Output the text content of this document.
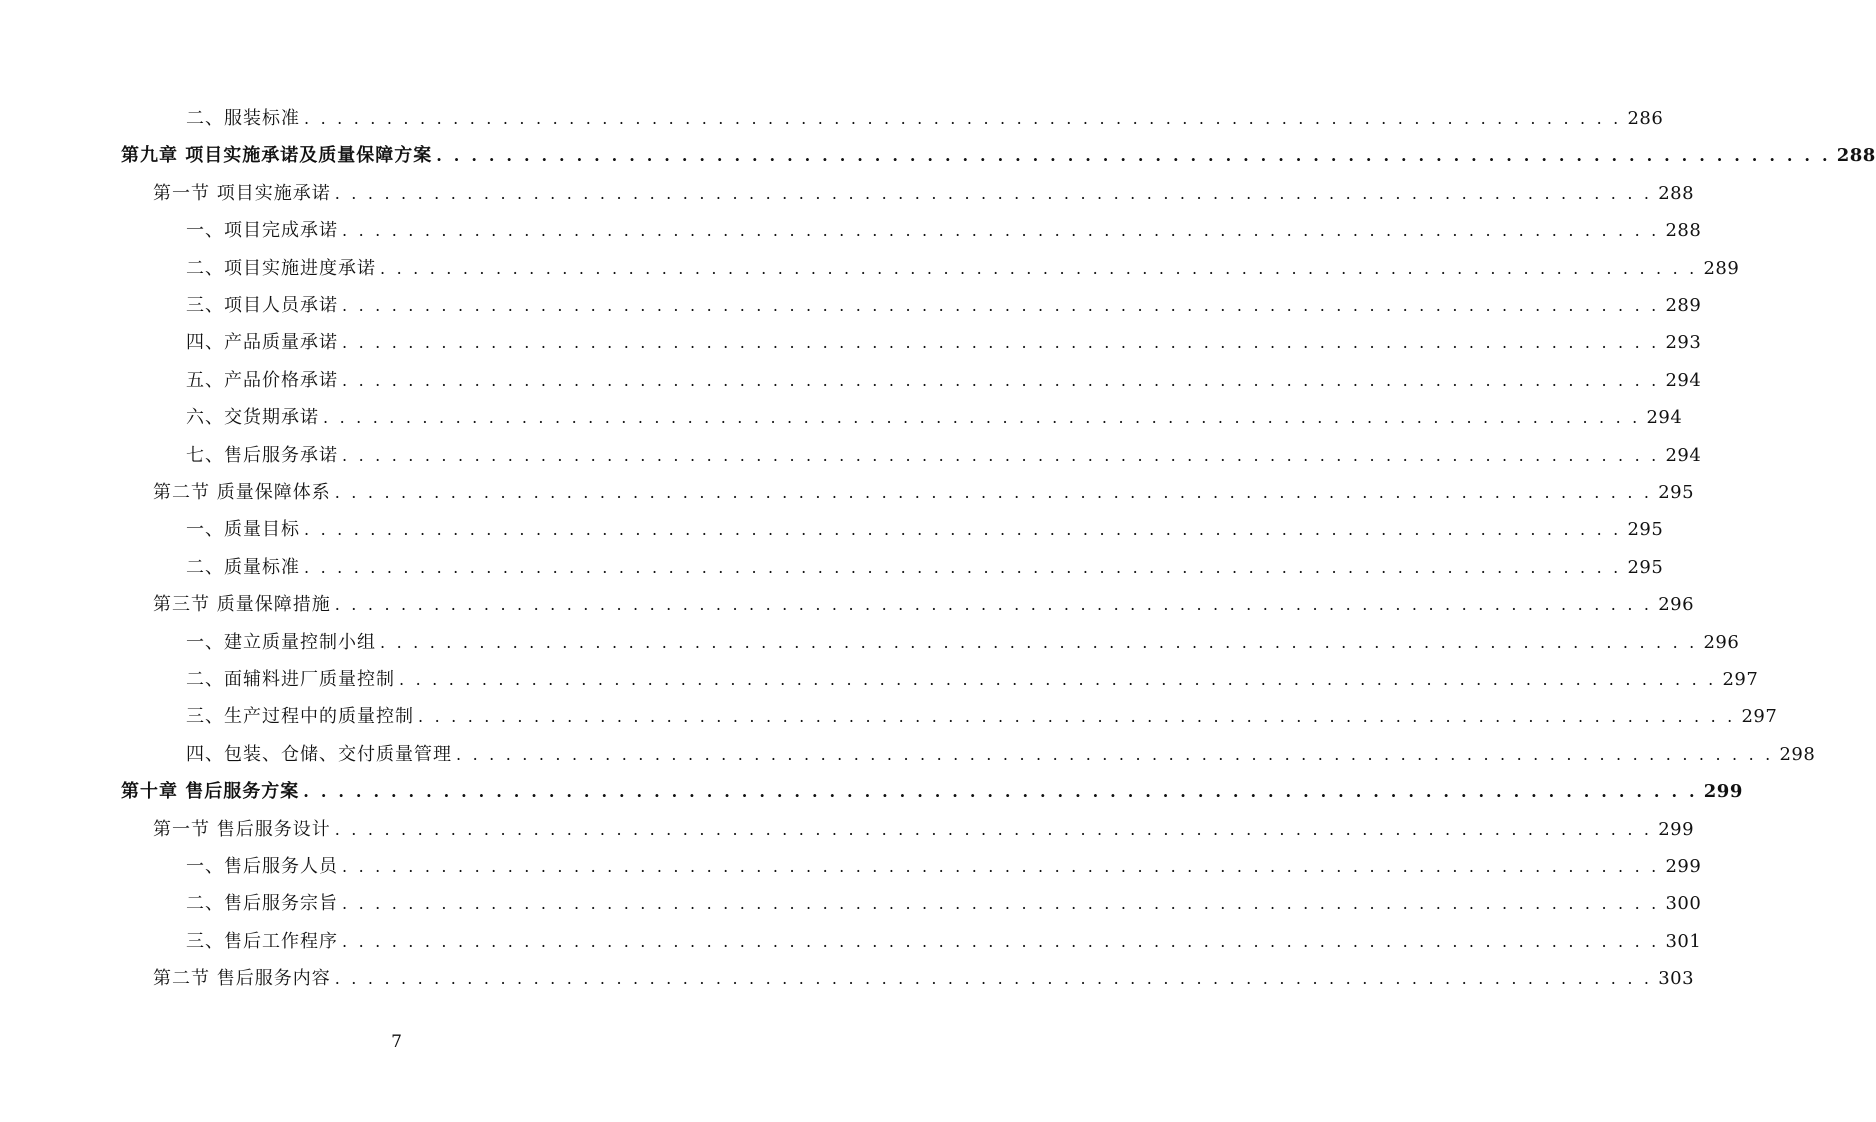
二、服装标准 . . . . . . . . . . . . . . . . . . . . . . . . . . . . . . . . . . . . . . . . . . . . . . . . . . . . . . . . . . . . . . . . . . . . . . . . . . . . . . . . 286
第九章 项目实施承诺及质量保障方案 . . . . . . . . . . . . . . . . . . . . . . . . . . . . . . . . . . . . . . . . . . . . . . . . . . . . . . . . . . . . . . . . . . . . . . . . . . . . . . . . 288
第一节 项目实施承诺 . . . . . . . . . . . . . . . . . . . . . . . . . . . . . . . . . . . . . . . . . . . . . . . . . . . . . . . . . . . . . . . . . . . . . . . . . . . . . . . . 288
一、项目完成承诺 . . . . . . . . . . . . . . . . . . . . . . . . . . . . . . . . . . . . . . . . . . . . . . . . . . . . . . . . . . . . . . . . . . . . . . . . . . . . . . . . 288
二、项目实施进度承诺 . . . . . . . . . . . . . . . . . . . . . . . . . . . . . . . . . . . . . . . . . . . . . . . . . . . . . . . . . . . . . . . . . . . . . . . . . . . . . . . . 289
三、项目人员承诺 . . . . . . . . . . . . . . . . . . . . . . . . . . . . . . . . . . . . . . . . . . . . . . . . . . . . . . . . . . . . . . . . . . . . . . . . . . . . . . . . 289
四、产品质量承诺 . . . . . . . . . . . . . . . . . . . . . . . . . . . . . . . . . . . . . . . . . . . . . . . . . . . . . . . . . . . . . . . . . . . . . . . . . . . . . . . . 293
五、产品价格承诺 . . . . . . . . . . . . . . . . . . . . . . . . . . . . . . . . . . . . . . . . . . . . . . . . . . . . . . . . . . . . . . . . . . . . . . . . . . . . . . . . 294
六、交货期承诺 . . . . . . . . . . . . . . . . . . . . . . . . . . . . . . . . . . . . . . . . . . . . . . . . . . . . . . . . . . . . . . . . . . . . . . . . . . . . . . . . 294
七、售后服务承诺 . . . . . . . . . . . . . . . . . . . . . . . . . . . . . . . . . . . . . . . . . . . . . . . . . . . . . . . . . . . . . . . . . . . . . . . . . . . . . . . . 294
第二节 质量保障体系 . . . . . . . . . . . . . . . . . . . . . . . . . . . . . . . . . . . . . . . . . . . . . . . . . . . . . . . . . . . . . . . . . . . . . . . . . . . . . . . . 295
一、质量目标 . . . . . . . . . . . . . . . . . . . . . . . . . . . . . . . . . . . . . . . . . . . . . . . . . . . . . . . . . . . . . . . . . . . . . . . . . . . . . . . . 295
二、质量标准 . . . . . . . . . . . . . . . . . . . . . . . . . . . . . . . . . . . . . . . . . . . . . . . . . . . . . . . . . . . . . . . . . . . . . . . . . . . . . . . . 295
第三节 质量保障措施 . . . . . . . . . . . . . . . . . . . . . . . . . . . . . . . . . . . . . . . . . . . . . . . . . . . . . . . . . . . . . . . . . . . . . . . . . . . . . . . . 296
一、建立质量控制小组 . . . . . . . . . . . . . . . . . . . . . . . . . . . . . . . . . . . . . . . . . . . . . . . . . . . . . . . . . . . . . . . . . . . . . . . . . . . . . . . . 296
二、面辅料进厂质量控制 . . . . . . . . . . . . . . . . . . . . . . . . . . . . . . . . . . . . . . . . . . . . . . . . . . . . . . . . . . . . . . . . . . . . . . . . . . . . . . . . 297
三、生产过程中的质量控制 . . . . . . . . . . . . . . . . . . . . . . . . . . . . . . . . . . . . . . . . . . . . . . . . . . . . . . . . . . . . . . . . . . . . . . . . . . . . . . . . 297
四、包装、仓储、交付质量管理 . . . . . . . . . . . . . . . . . . . . . . . . . . . . . . . . . . . . . . . . . . . . . . . . . . . . . . . . . . . . . . . . . . . . . . . . . . . . . . . . 298
第十章 售后服务方案 . . . . . . . . . . . . . . . . . . . . . . . . . . . . . . . . . . . . . . . . . . . . . . . . . . . . . . . . . . . . . . . . . . . . . . . . . . . . . . . . 299
第一节 售后服务设计 . . . . . . . . . . . . . . . . . . . . . . . . . . . . . . . . . . . . . . . . . . . . . . . . . . . . . . . . . . . . . . . . . . . . . . . . . . . . . . . . 299
一、售后服务人员 . . . . . . . . . . . . . . . . . . . . . . . . . . . . . . . . . . . . . . . . . . . . . . . . . . . . . . . . . . . . . . . . . . . . . . . . . . . . . . . . 299
二、售后服务宗旨 . . . . . . . . . . . . . . . . . . . . . . . . . . . . . . . . . . . . . . . . . . . . . . . . . . . . . . . . . . . . . . . . . . . . . . . . . . . . . . . . 300
三、售后工作程序 . . . . . . . . . . . . . . . . . . . . . . . . . . . . . . . . . . . . . . . . . . . . . . . . . . . . . . . . . . . . . . . . . . . . . . . . . . . . . . . . 301
第二节 售后服务内容 . . . . . . . . . . . . . . . . . . . . . . . . . . . . . . . . . . . . . . . . . . . . . . . . . . . . . . . . . . . . . . . . . . . . . . . . . . . . . . . . 303
7
